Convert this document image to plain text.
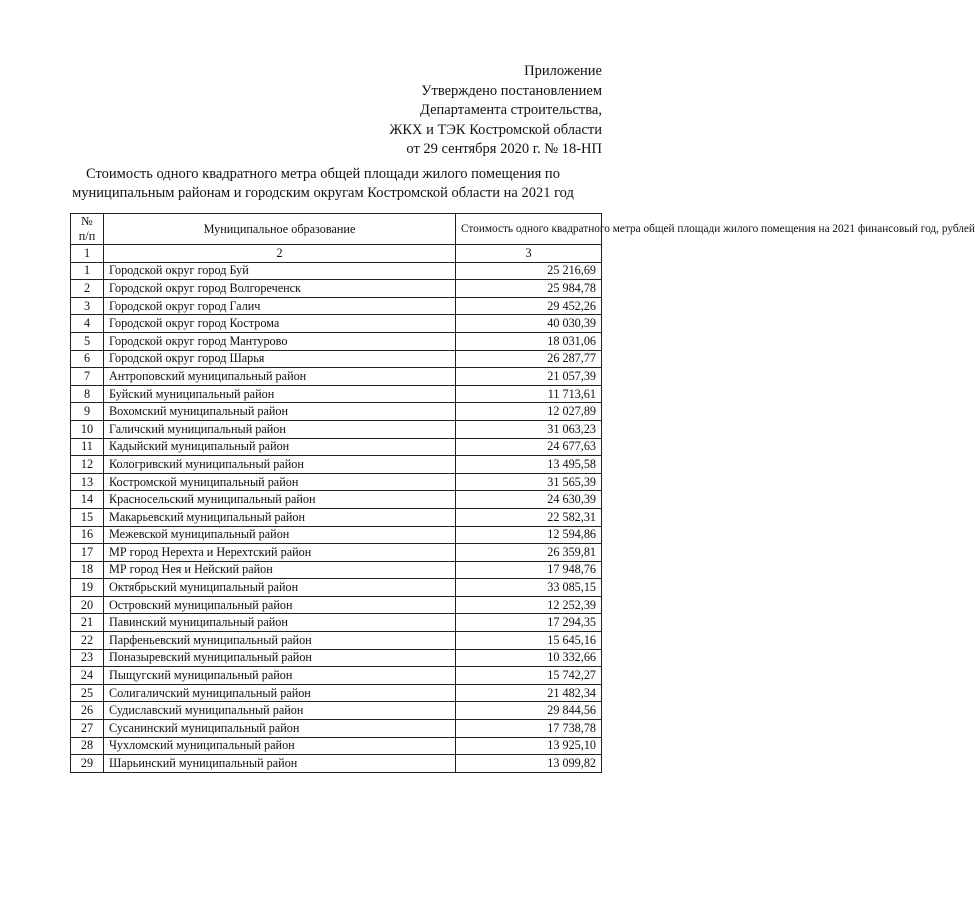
Приложение
Утверждено постановлением
Департамента строительства,
ЖКХ и ТЭК Костромской области
от 29 сентября 2020 г. № 18-НП
Стоимость одного квадратного метра общей площади жилого помещения по
муниципальным районам и городским округам Костромской области на 2021 год
№
п/п	Муниципальное образование	Стоимость одного квадратного метра общей площади жилого помещения на 2021 финансовый год, рублей
1	2	3
1	Городской округ город Буй	25 216,69
2	Городской округ город Волгореченск	25 984,78
3	Городской округ город Галич	29 452,26
4	Городской округ город Кострома	40 030,39
5	Городской округ город Мантурово	18 031,06
6	Городской округ город Шарья	26 287,77
7	Антроповский муниципальный район	21 057,39
8	Буйский муниципальный район	11 713,61
9	Вохомский муниципальный район	12 027,89
10	Галичский муниципальный район	31 063,23
11	Кадыйский муниципальный район	24 677,63
12	Кологривский муниципальный район	13 495,58
13	Костромской муниципальный район	31 565,39
14	Красносельский муниципальный район	24 630,39
15	Макарьевский муниципальный район	22 582,31
16	Межевской муниципальный район	12 594,86
17	МР город Нерехта и Нерехтский район	26 359,81
18	МР город Нея и Нейский район	17 948,76
19	Октябрьский муниципальный район	33 085,15
20	Островский муниципальный район	12 252,39
21	Павинский муниципальный район	17 294,35
22	Парфеньевский муниципальный район	15 645,16
23	Поназыревский муниципальный район	10 332,66
24	Пыщугский муниципальный район	15 742,27
25	Солигаличский муниципальный район	21 482,34
26	Судиславский муниципальный район	29 844,56
27	Сусанинский муниципальный район	17 738,78
28	Чухломский муниципальный район	13 925,10
29	Шарьинский муниципальный район	13 099,82
